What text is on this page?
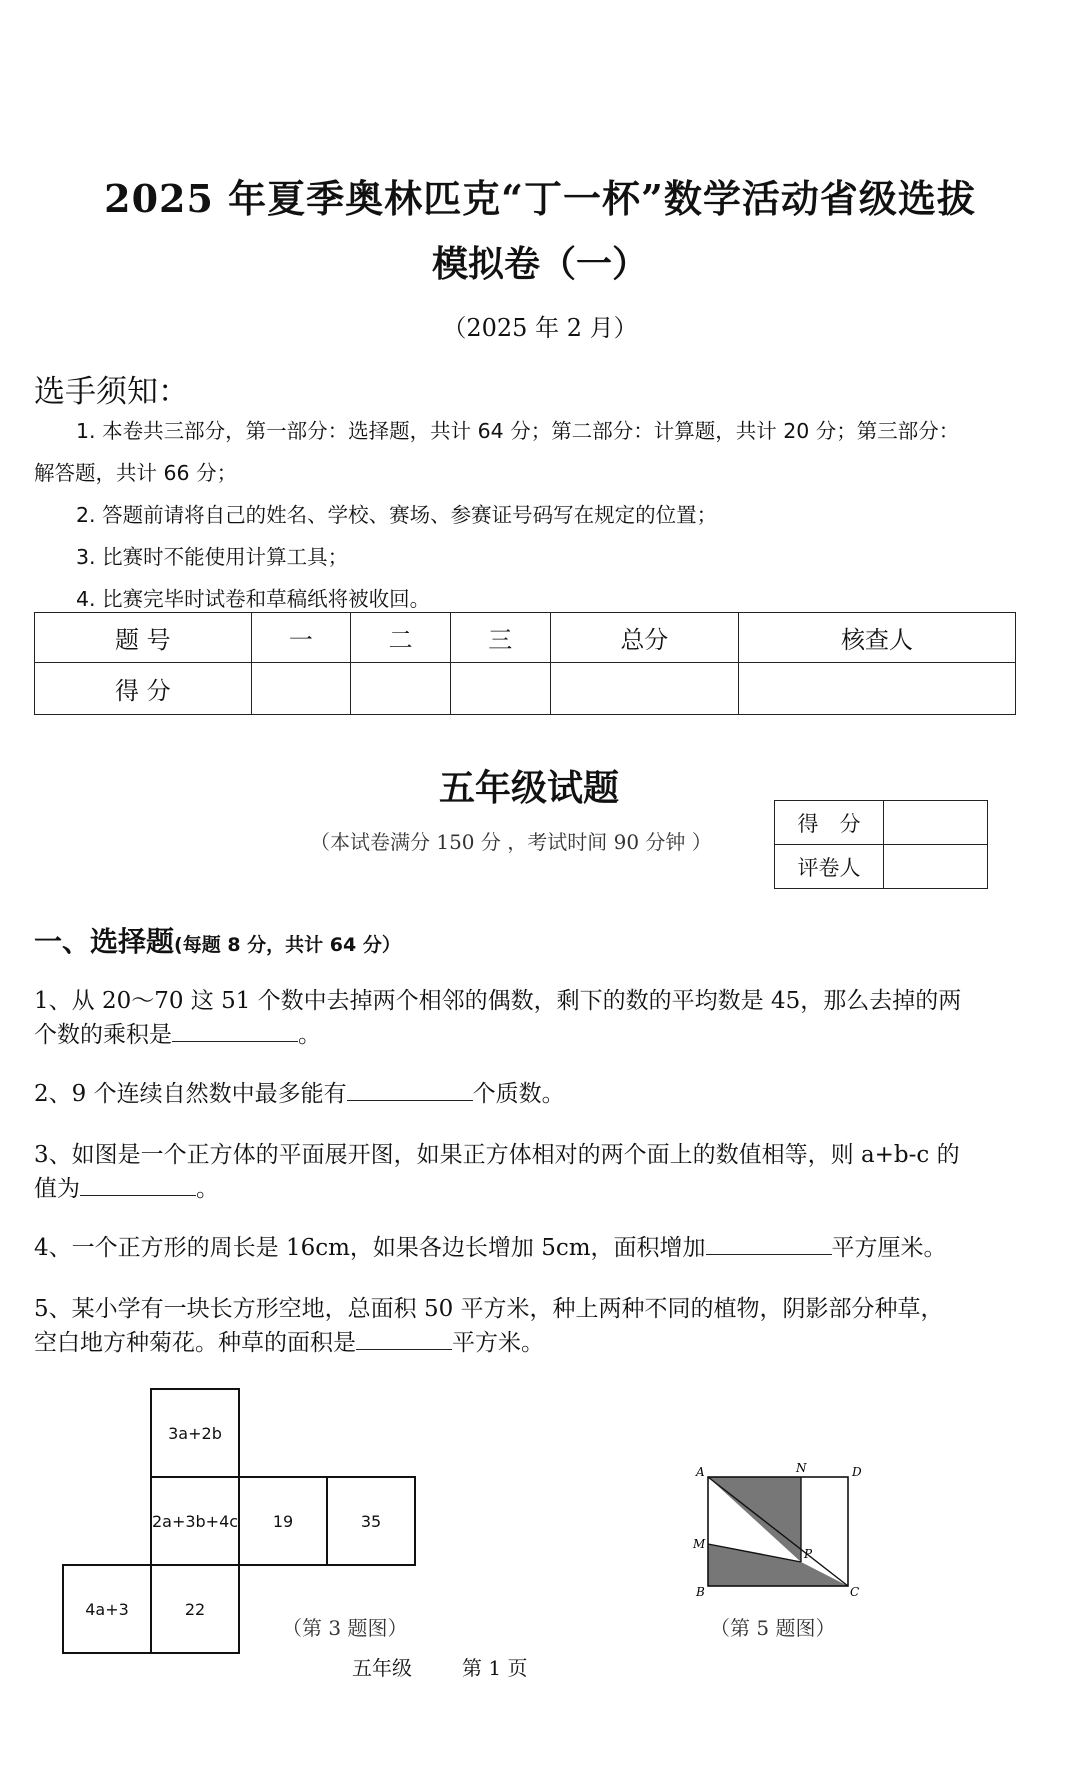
2025 年夏季奥林匹克“丁一杯”数学活动省级选拔
模拟卷（一）
（2025 年 2 月）
选手须知：
1. 本卷共三部分，第一部分：选择题，共计 64 分；第二部分：计算题，共计 20 分；第三部分：
解答题，共计 66 分；
2. 答题前请将自己的姓名、学校、赛场、参赛证号码写在规定的位置；
3. 比赛时不能使用计算工具；
4. 比赛完毕时试卷和草稿纸将被收回。
题 号	一	二	三	总分	核查人
得 分					
五年级试题
（本试卷满分 150 分 ，考试时间 90 分钟 ）
得　分	
评卷人	
一、选择题(每题 8 分，共计 64 分）
1、从 20～70 这 51 个数中去掉两个相邻的偶数，剩下的数的平均数是 45，那么去掉的两
个数的乘积是	。
2、9 个连续自然数中最多能有	个质数。
3、如图是一个正方体的平面展开图，如果正方体相对的两个面上的数值相等，则 a+b-c 的
值为	。
4、一个正方形的周长是 16cm，如果各边长增加 5cm，面积增加	平方厘米。
5、某小学有一块长方形空地，总面积 50 平方米，种上两种不同的植物，阴影部分种草，
空白地方种菊花。种草的面积是	平方米。
3a+2b
2a+3b+4c	19	35
4a+3	22
（第 3 题图）
A	N	D
M
P
B	C
（第 5 题图）
五年级	第 1 页
